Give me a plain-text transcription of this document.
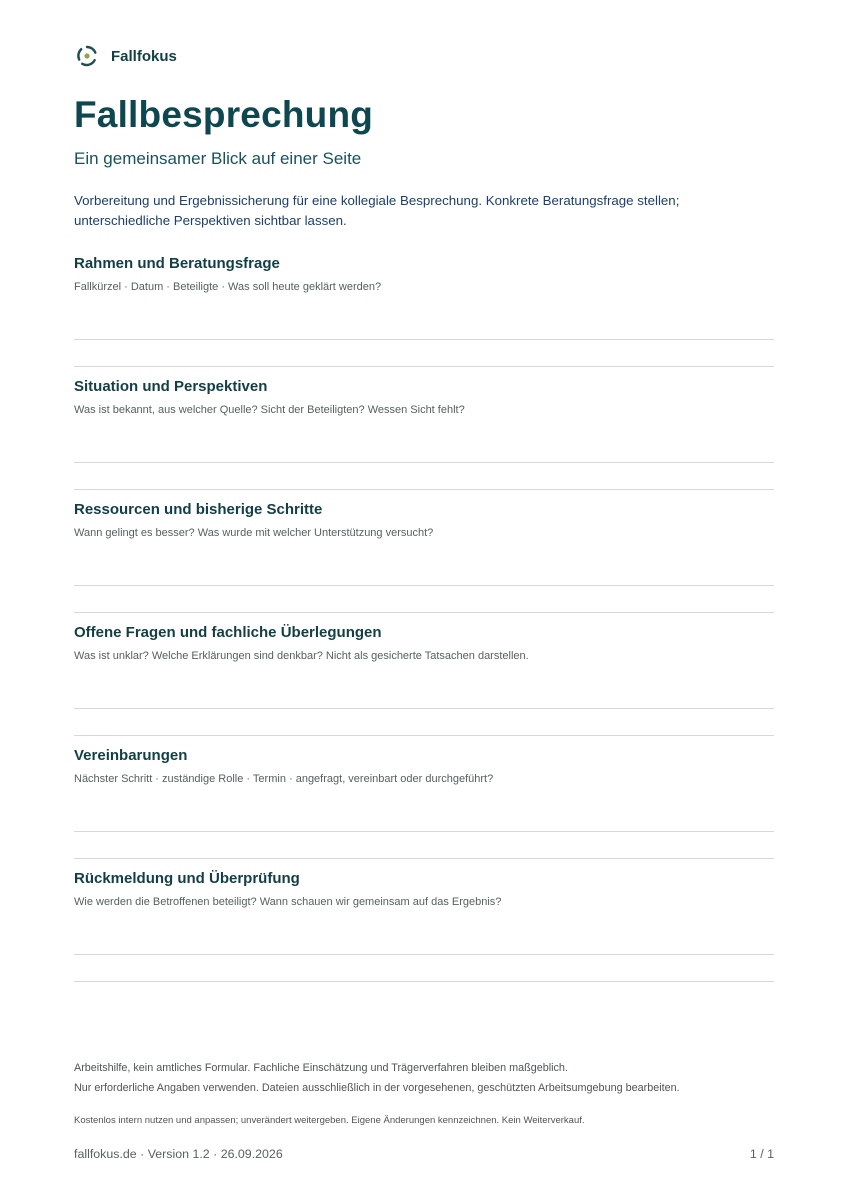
Fallfokus
Fallbesprechung
Ein gemeinsamer Blick auf einer Seite
Vorbereitung und Ergebnissicherung für eine kollegiale Besprechung. Konkrete Beratungsfrage stellen;
unterschiedliche Perspektiven sichtbar lassen.
Rahmen und Beratungsfrage
Fallkürzel · Datum · Beteiligte · Was soll heute geklärt werden?
Situation und Perspektiven
Was ist bekannt, aus welcher Quelle? Sicht der Beteiligten? Wessen Sicht fehlt?
Ressourcen und bisherige Schritte
Wann gelingt es besser? Was wurde mit welcher Unterstützung versucht?
Offene Fragen und fachliche Überlegungen
Was ist unklar? Welche Erklärungen sind denkbar? Nicht als gesicherte Tatsachen darstellen.
Vereinbarungen
Nächster Schritt · zuständige Rolle · Termin · angefragt, vereinbart oder durchgeführt?
Rückmeldung und Überprüfung
Wie werden die Betroffenen beteiligt? Wann schauen wir gemeinsam auf das Ergebnis?
Arbeitshilfe, kein amtliches Formular. Fachliche Einschätzung und Trägerverfahren bleiben maßgeblich.
Nur erforderliche Angaben verwenden. Dateien ausschließlich in der vorgesehenen, geschützten Arbeitsumgebung bearbeiten.
Kostenlos intern nutzen und anpassen; unverändert weitergeben. Eigene Änderungen kennzeichnen. Kein Weiterverkauf.
fallfokus.de · Version 1.2 · 26.09.2026	1 / 1
